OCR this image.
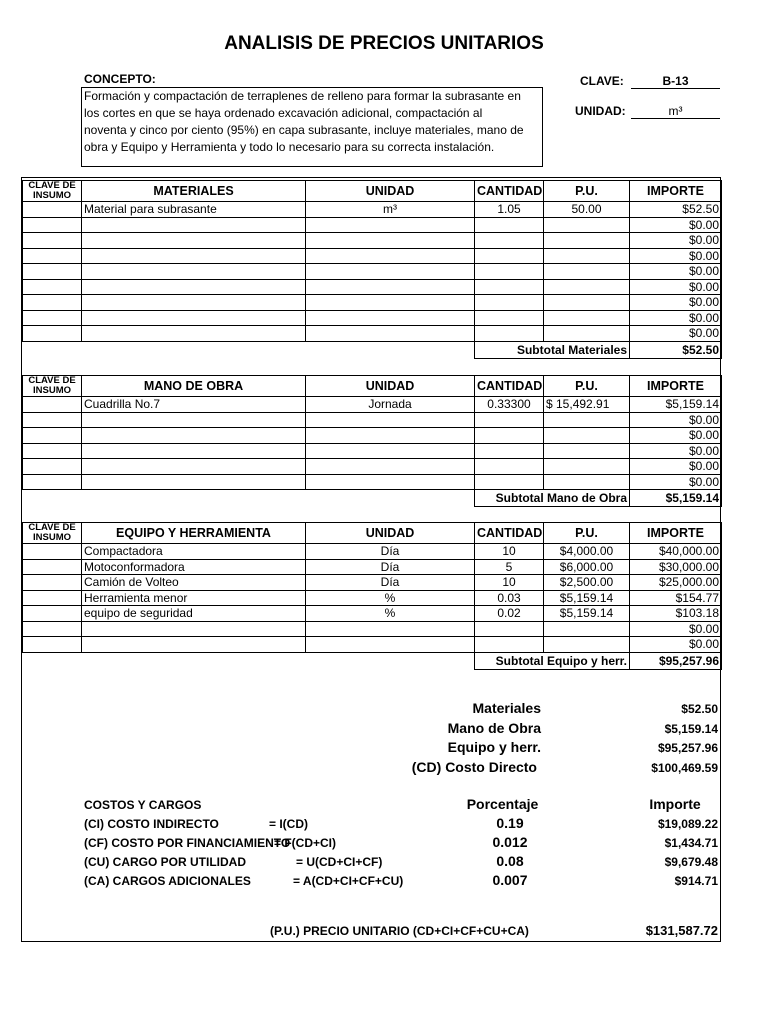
ANALISIS DE PRECIOS UNITARIOS
CONCEPTO:
Formación y compactación de terraplenes de relleno para formar la subrasante en
los cortes en que se haya ordenado excavación adicional, compactación al
noventa y cinco por ciento (95%) en capa subrasante, incluye materiales, mano de
obra y Equipo y Herramienta y todo lo necesario para su correcta instalación.
CLAVE:	B-13
UNIDAD:	m³
CLAVE DE INSUMO	MATERIALES	UNIDAD	CANTIDAD	P.U.	IMPORTE
	Material para subrasante	m³	1.05	50.00	$52.50
					$0.00
					$0.00
					$0.00
					$0.00
					$0.00
					$0.00
					$0.00
					$0.00
			Subtotal Materiales		$52.50
CLAVE DE INSUMO	MANO DE OBRA	UNIDAD	CANTIDAD	P.U.	IMPORTE
	Cuadrilla No.7	Jornada	0.33300	$ 15,492.91	$5,159.14
					$0.00
					$0.00
					$0.00
					$0.00
					$0.00
			Subtotal Mano de Obra		$5,159.14
CLAVE DE INSUMO	EQUIPO Y HERRAMIENTA	UNIDAD	CANTIDAD	P.U.	IMPORTE
	Compactadora	Día	10	$4,000.00	$40,000.00
	Motoconformadora	Día	5	$6,000.00	$30,000.00
	Camión de Volteo	Día	10	$2,500.00	$25,000.00
	Herramienta menor	%	0.03	$5,159.14	$154.77
	equipo de seguridad	%	0.02	$5,159.14	$103.18
					$0.00
					$0.00
			Subtotal Equipo y herr.		$95,257.96
Materiales	$52.50
Mano de Obra	$5,159.14
Equipo y herr.	$95,257.96
(CD) Costo Directo	$100,469.59
COSTOS Y CARGOS	Porcentaje	Importe
(CI) COSTO INDIRECTO	= I(CD)	0.19	$19,089.22
(CF) COSTO POR FINANCIAMIENTO
= F(CD+CI)	0.012	$1,434.71
(CU) CARGO POR UTILIDAD	= U(CD+CI+CF)	0.08	$9,679.48
(CA) CARGOS ADICIONALES	= A(CD+CI+CF+CU)	0.007	$914.71
(P.U.) PRECIO UNITARIO (CD+CI+CF+CU+CA)	$131,587.72
